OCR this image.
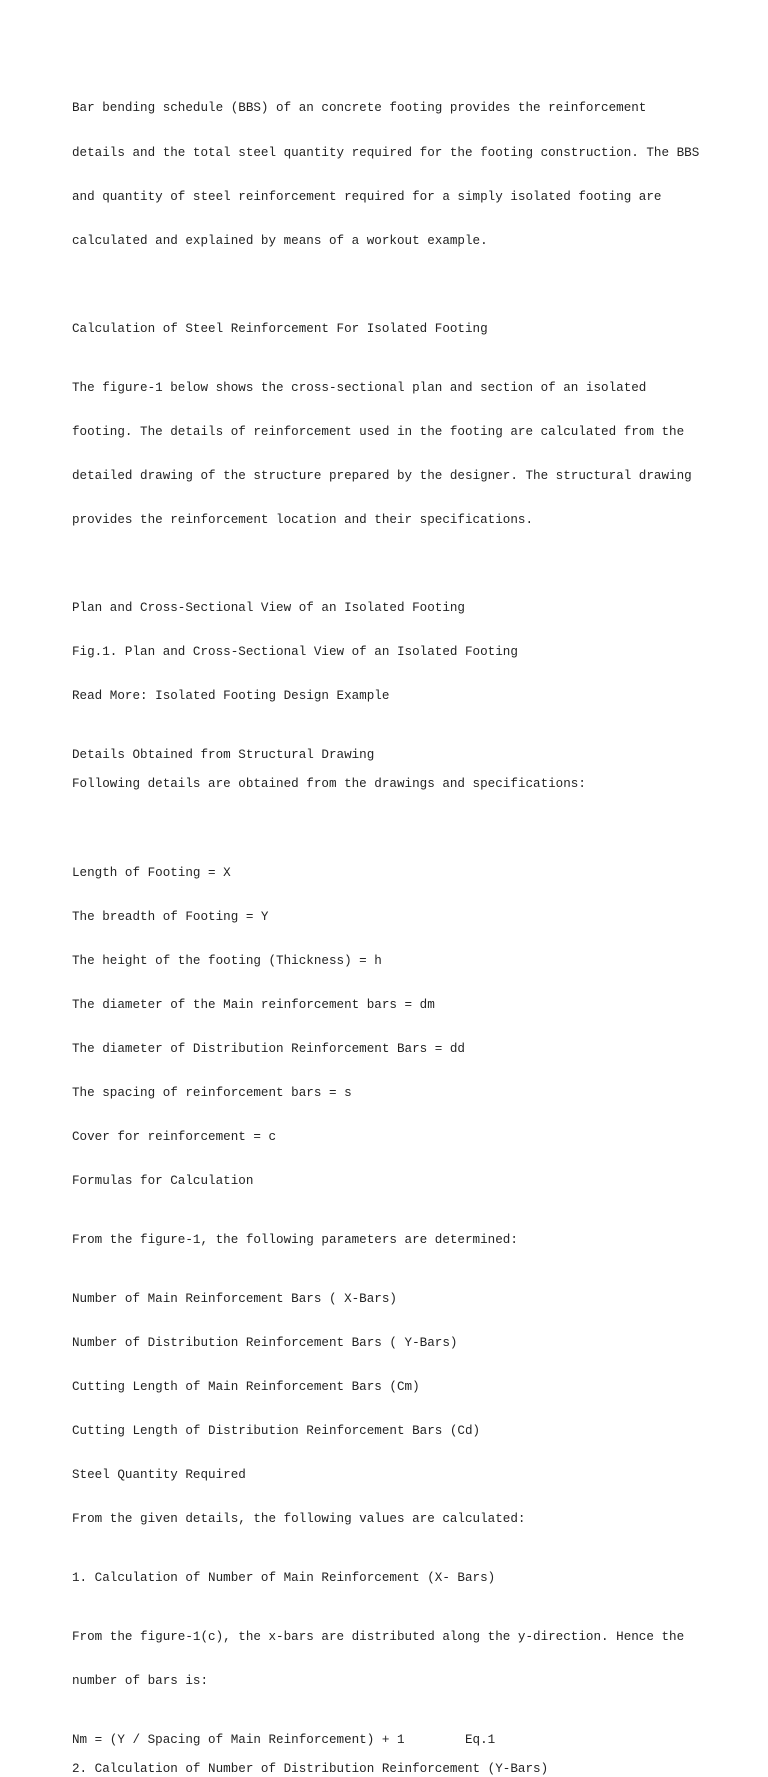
Bar bending schedule (BBS) of an concrete footing provides the reinforcement

details and the total steel quantity required for the footing construction. The BBS

and quantity of steel reinforcement required for a simply isolated footing are

calculated and explained by means of a workout example.

Calculation of Steel Reinforcement For Isolated Footing

The figure-1 below shows the cross-sectional plan and section of an isolated

footing. The details of reinforcement used in the footing are calculated from the

detailed drawing of the structure prepared by the designer. The structural drawing

provides the reinforcement location and their specifications.

Plan and Cross-Sectional View of an Isolated Footing

Fig.1. Plan and Cross-Sectional View of an Isolated Footing

Read More: Isolated Footing Design Example

Details Obtained from Structural Drawing
Following details are obtained from the drawings and specifications:

Length of Footing = X

The breadth of Footing = Y

The height of the footing (Thickness) = h

The diameter of the Main reinforcement bars = dm

The diameter of Distribution Reinforcement Bars = dd

The spacing of reinforcement bars = s

Cover for reinforcement = c

Formulas for Calculation

From the figure-1, the following parameters are determined:

Number of Main Reinforcement Bars ( X-Bars)

Number of Distribution Reinforcement Bars ( Y-Bars)

Cutting Length of Main Reinforcement Bars (Cm)

Cutting Length of Distribution Reinforcement Bars (Cd)

Steel Quantity Required

From the given details, the following values are calculated:

1. Calculation of Number of Main Reinforcement (X- Bars)

From the figure-1(c), the x-bars are distributed along the y-direction. Hence the

number of bars is:

Nm = (Y / Spacing of Main Reinforcement) + 1        Eq.1
2. Calculation of Number of Distribution Reinforcement (Y-Bars)
